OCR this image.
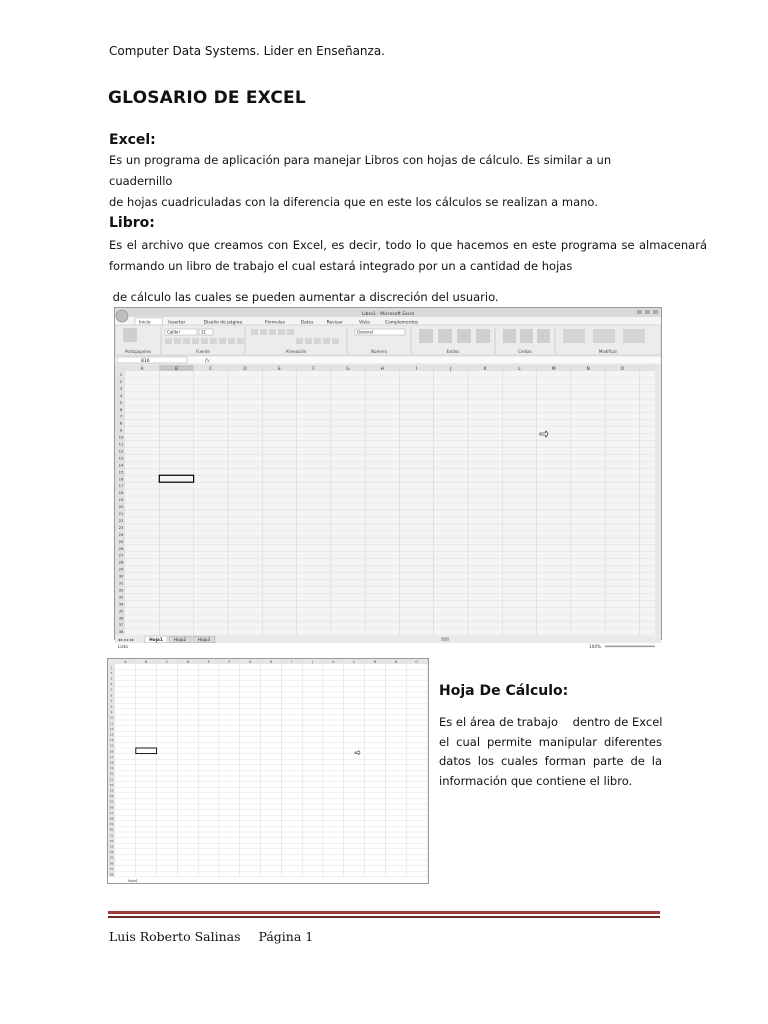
Computer Data Systems. Lider en Enseñanza.
GLOSARIO DE EXCEL
Excel:
Es un programa de aplicación para manejar Libros con hojas de cálculo. Es similar a un cuadernillo
de hojas cuadriculadas con la diferencia que en este los cálculos se realizan a mano.
Libro:
Es el archivo que creamos con Excel, es decir, todo lo que hacemos en este programa se almacenará
formando un libro de trabajo el cual estará integrado por un a cantidad de hojas
de cálculo las cuales se pueden aumentar a discreción del usuario.
Libro1 - Microsoft Excel
Inicio	Insertar	Diseño de página	Fórmulas	Datos	Revisar	Vista	Complementos
Portapapeles	Fuente	Alineación	Número	Estilos	Celdas	Modificar
Calibri	11	General
B16	fx
A	B	C	D	E	F	G	H	I	J	K	L	M	N	O
1
2
3
4
5
6
7
8
9
10
11
12
13
14
15
16
17
18
19
20
21
22
23
24
25
26
27
28
29
30
31
32
33
34
35
36
37
38
◂◂ ◂ ▸ ▸▸	Hoja1	Hoja2	Hoja3
Listo	100%
A	B	C	D	E	F	G	H	I	J	K	L	M	N	O
1
2
3
4
5
6
7
8
9
10
11
12
13
14
15
16
17
18
19
20
21
22
23
24
25
26
27
28
29
30
31
32
33
34
35
36
37
38
Hoja1
Hoja De Cálculo:
Es el área de trabajo    dentro de Excel
el cual permite manipular diferentes
datos los cuales forman parte de la
información que contiene el libro.
Luis Roberto Salinas Página 1
